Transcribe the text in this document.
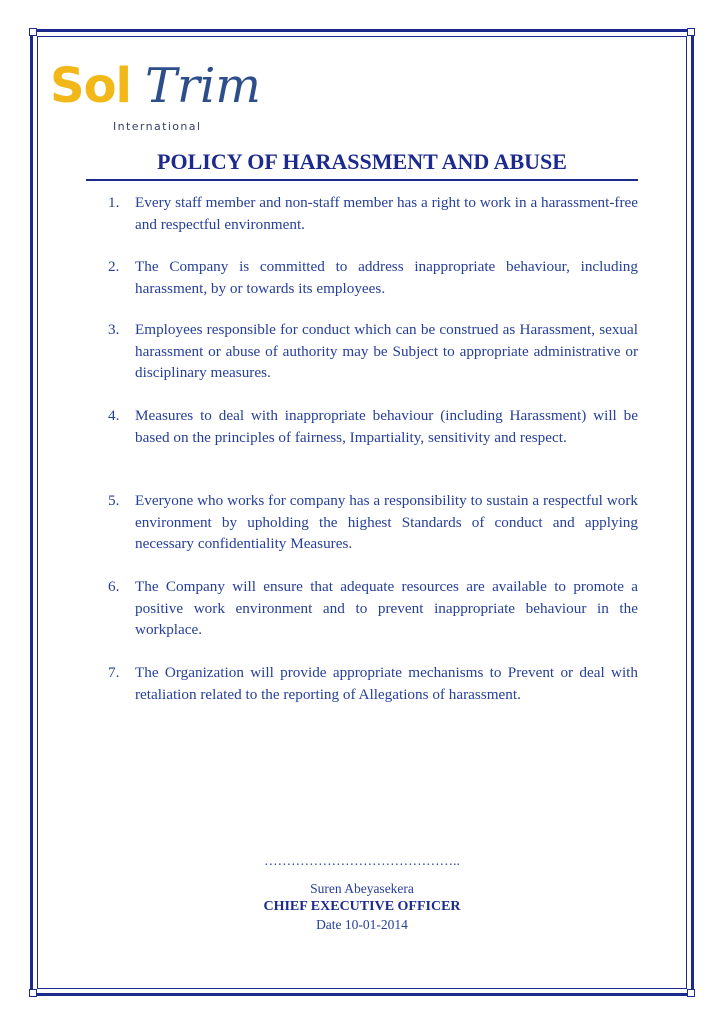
Sol Trim
International
POLICY OF HARASSMENT AND ABUSE
1.	Every staff member and non-staff member has a right to work in a harassment-free and respectful environment.
2.	The Company is committed to address inappropriate behaviour, including harassment, by or towards its employees.
3.	Employees responsible for conduct which can be construed as Harassment, sexual harassment or abuse of authority may be Subject to appropriate administrative or disciplinary measures.
4.	Measures to deal with inappropriate behaviour (including Harassment) will be based on the principles of fairness, Impartiality, sensitivity and respect.
5.	Everyone who works for company has a responsibility to sustain a respectful work environment by upholding the highest Standards of conduct and applying necessary confidentiality Measures.
6.	The Company will ensure that adequate resources are available to promote a positive work environment and to prevent inappropriate behaviour in the workplace.
7.	The Organization will provide appropriate mechanisms to Prevent or deal with retaliation related to the reporting of Allegations of harassment.
……………………………………..
Suren Abeyasekera
CHIEF EXECUTIVE OFFICER
Date 10-01-2014
